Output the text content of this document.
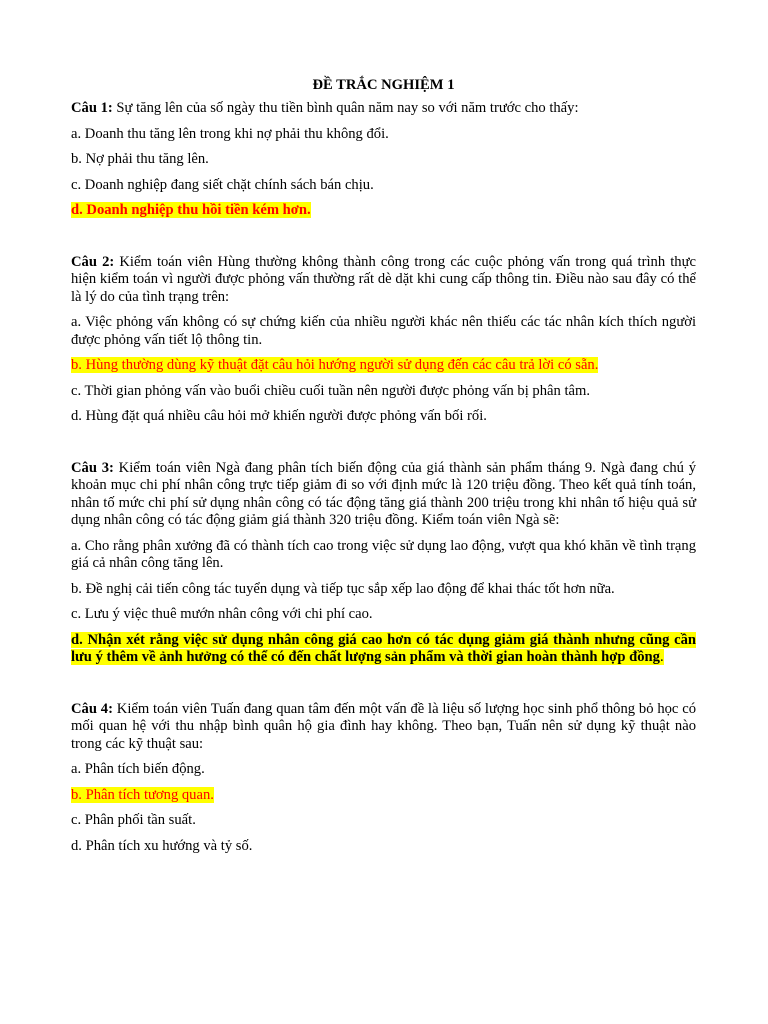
ĐỀ TRẮC NGHIỆM 1
Câu 1: Sự tăng lên của số ngày thu tiền bình quân năm nay so với năm trước cho thấy:
a. Doanh thu tăng lên trong khi nợ phải thu không đổi.
b. Nợ phải thu tăng lên.
c. Doanh nghiệp đang siết chặt chính sách bán chịu.
d. Doanh nghiệp thu hồi tiền kém hơn.
Câu 2: Kiểm toán viên Hùng thường không thành công trong các cuộc phỏng vấn trong quá trình thực hiện kiểm toán vì người được phỏng vấn thường rất dè dặt khi cung cấp thông tin. Điều nào sau đây có thể là lý do của tình trạng trên:
a. Việc phỏng vấn không có sự chứng kiến của nhiều người khác nên thiếu các tác nhân kích thích người được phỏng vấn tiết lộ thông tin.
b. Hùng thường dùng kỹ thuật đặt câu hỏi hướng người sử dụng đến các câu trả lời có sẵn.
c. Thời gian phỏng vấn vào buổi chiều cuối tuần nên người được phỏng vấn bị phân tâm.
d. Hùng đặt quá nhiều câu hỏi mở khiến người được phỏng vấn bối rối.
Câu 3: Kiểm toán viên Ngà đang phân tích biến động của giá thành sản phẩm tháng 9. Ngà đang chú ý khoản mục chi phí nhân công trực tiếp giảm đi so với định mức là 120 triệu đồng. Theo kết quả tính toán, nhân tố mức chi phí sử dụng nhân công có tác động tăng giá thành 200 triệu trong khi nhân tố hiệu quả sử dụng nhân công có tác động giảm giá thành 320 triệu đồng. Kiểm toán viên Ngà sẽ:
a. Cho rằng phân xưởng đã có thành tích cao trong việc sử dụng lao động, vượt qua khó khăn về tình trạng giá cả nhân công tăng lên.
b. Đề nghị cải tiến công tác tuyển dụng và tiếp tục sắp xếp lao động để khai thác tốt hơn nữa.
c. Lưu ý việc thuê mướn nhân công với chi phí cao.
d. Nhận xét rằng việc sử dụng nhân công giá cao hơn có tác dụng giảm giá thành nhưng cũng cần lưu ý thêm về ảnh hưởng có thể có đến chất lượng sản phẩm và thời gian hoàn thành hợp đồng.
Câu 4: Kiểm toán viên Tuấn đang quan tâm đến một vấn đề là liệu số lượng học sinh phổ thông bỏ học có mối quan hệ với thu nhập bình quân hộ gia đình hay không. Theo bạn, Tuấn nên sử dụng kỹ thuật nào trong các kỹ thuật sau:
a. Phân tích biến động.
b. Phân tích tương quan.
c. Phân phối tần suất.
d. Phân tích xu hướng và tỷ số.
